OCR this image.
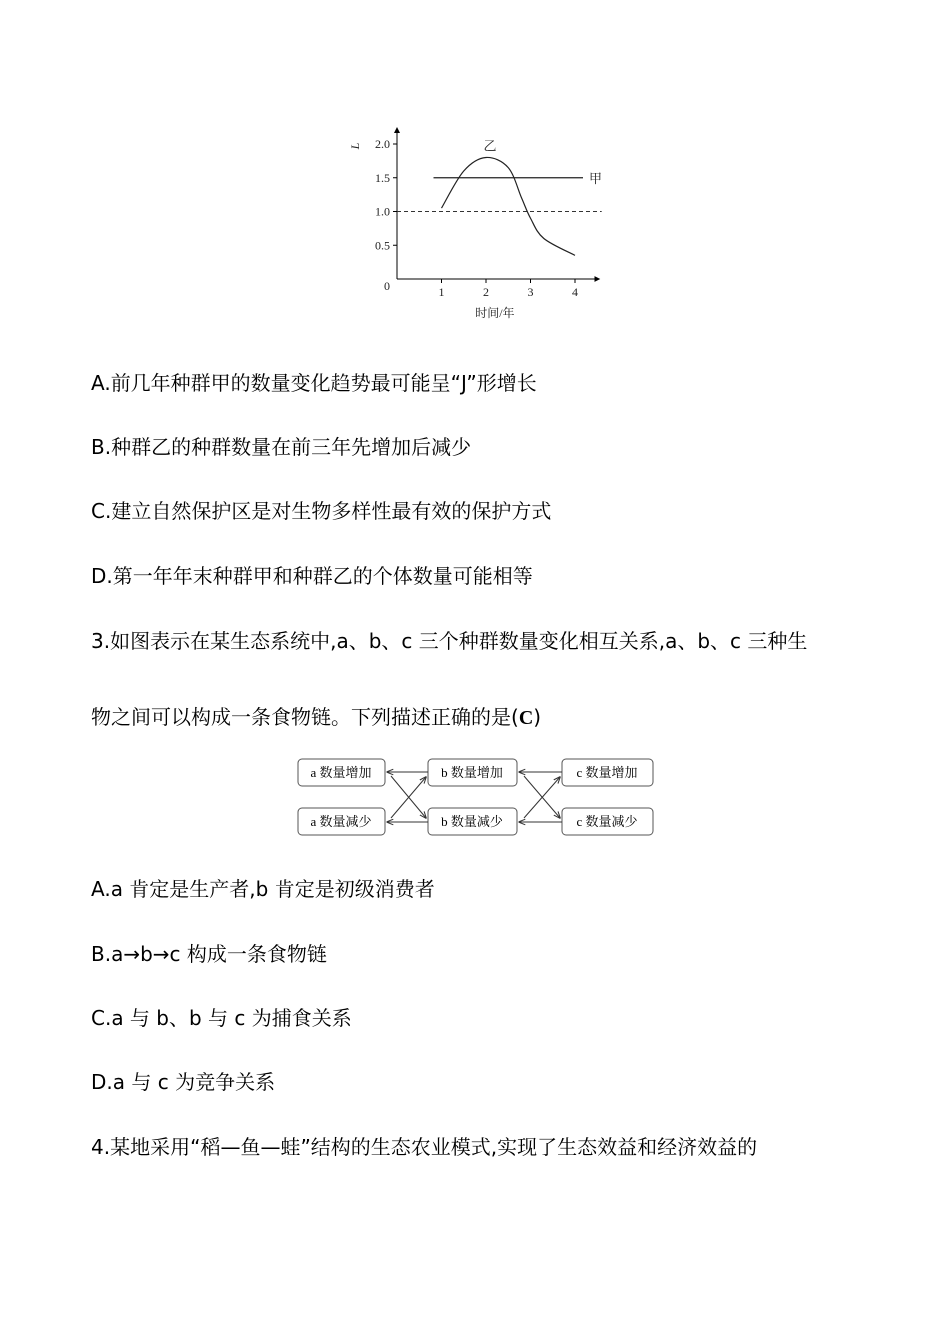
0.5
1.0
1.5
2.0
1	2	3	4
0
L
时间/年
甲
乙
A.前几年种群甲的数量变化趋势最可能呈“J”形增长
B.种群乙的种群数量在前三年先增加后减少
C.建立自然保护区是对生物多样性最有效的保护方式
D.第一年年末种群甲和种群乙的个体数量可能相等
3.如图表示在某生态系统中,a、b、c 三个种群数量变化相互关系,a、b、c 三种生
物之间可以构成一条食物链。下列描述正确的是(C)
a 数量增加	b 数量增加	c 数量增加
a 数量减少	b 数量减少	c 数量减少
A.a 肯定是生产者,b 肯定是初级消费者
B.a→b→c 构成一条食物链
C.a 与 b、b 与 c 为捕食关系
D.a 与 c 为竞争关系
4.某地采用“稻—鱼—蛙”结构的生态农业模式,实现了生态效益和经济效益的
